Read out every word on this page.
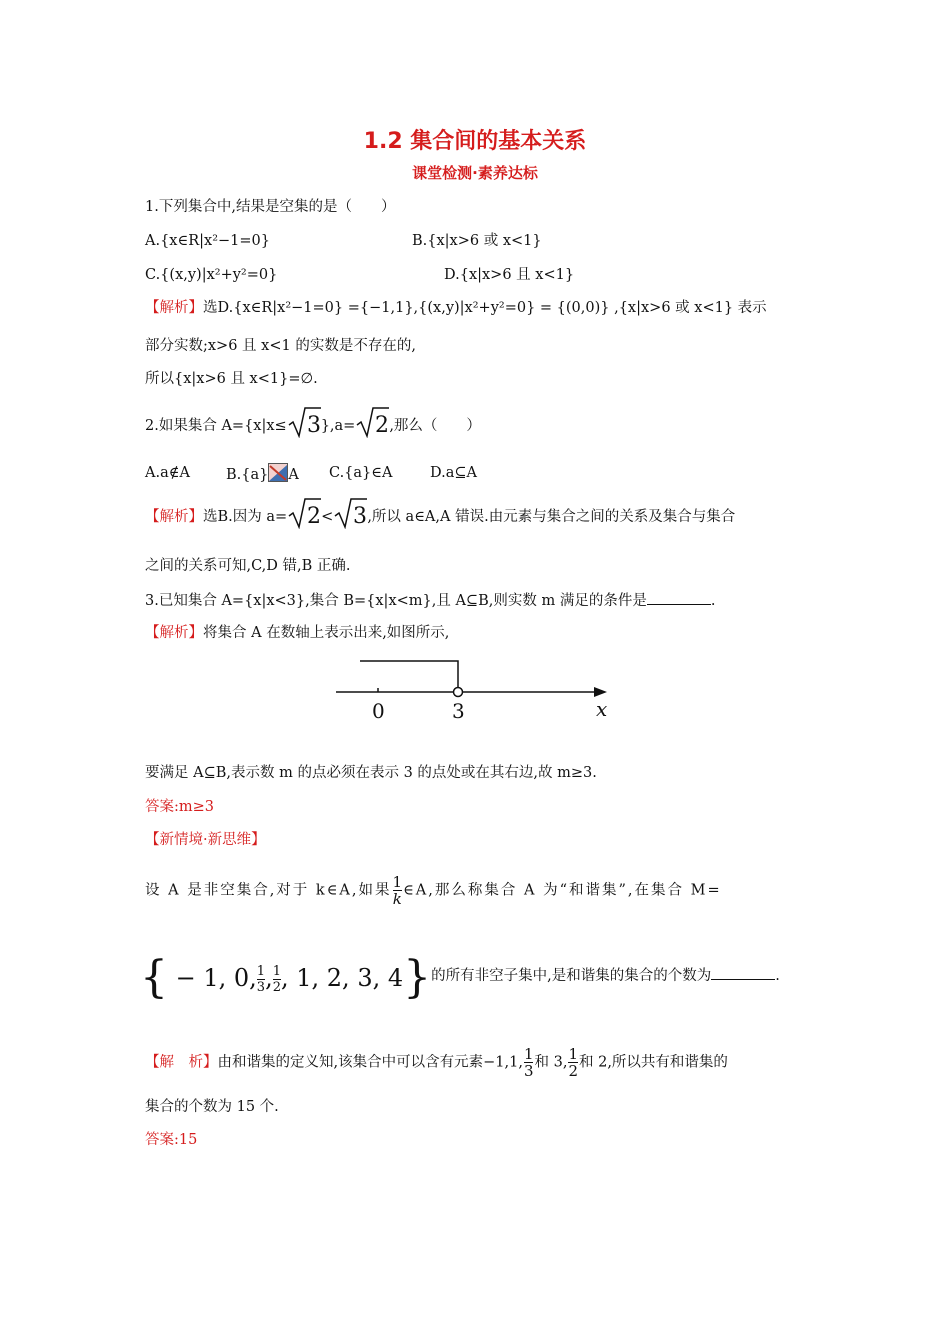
1.2 集合间的基本关系
课堂检测·素养达标
1.下列集合中,结果是空集的是（　　）
A.{x∈R|x²−1=0}	B.{x|x>6 或 x<1}
C.{(x,y)|x²+y²=0}	D.{x|x>6 且 x<1}
【解析】选D.{x∈R|x²−1=0} ={−1,1},{(x,y)|x²+y²=0} = {(0,0)} ,{x|x>6 或 x<1} 表示
部分实数;x>6 且 x<1 的实数是不存在的,
所以{x|x>6 且 x<1}=∅.
2.如果集合 A={x|x≤ 3 },a= 2 ,那么（　　）
A.a∉A B.{a} A C.{a}∈A	D.a⊆A
【解析】选B.因为 a= 2 < 3 ,所以 a∈A,A 错误.由元素与集合之间的关系及集合与集合
之间的关系可知,C,D 错,B 正确.
3.已知集合 A={x|x<3},集合 B={x|x<m},且 A⊆B,则实数 m 满足的条件是	.
【解析】将集合 A 在数轴上表示出来,如图所示,
0	3	x
要满足 A⊆B,表示数 m 的点必须在表示 3 的点处或在其右边,故 m≥3.
答案:m≥3
【新情境·新思维】
设 A 是非空集合,对于 k∈A,如果 $\frac{1}{k}$ ∈A,那么称集合 A 为“和谐集”,在集合 M=
{ − 1, 0, $\frac{1}{3}$ , $\frac{1}{2}$ , 1, 2, 3, 4}$^{的所有非空子集中,是和谐集的集合的个数为 .}$
【解　析】由和谐集的定义知,该集合中可以含有元素−1,1, $\frac{1}{3}$ 和 3, $\frac{1}{2}$ 和 2,所以共有和谐集的
集合的个数为 15 个.
答案:15
